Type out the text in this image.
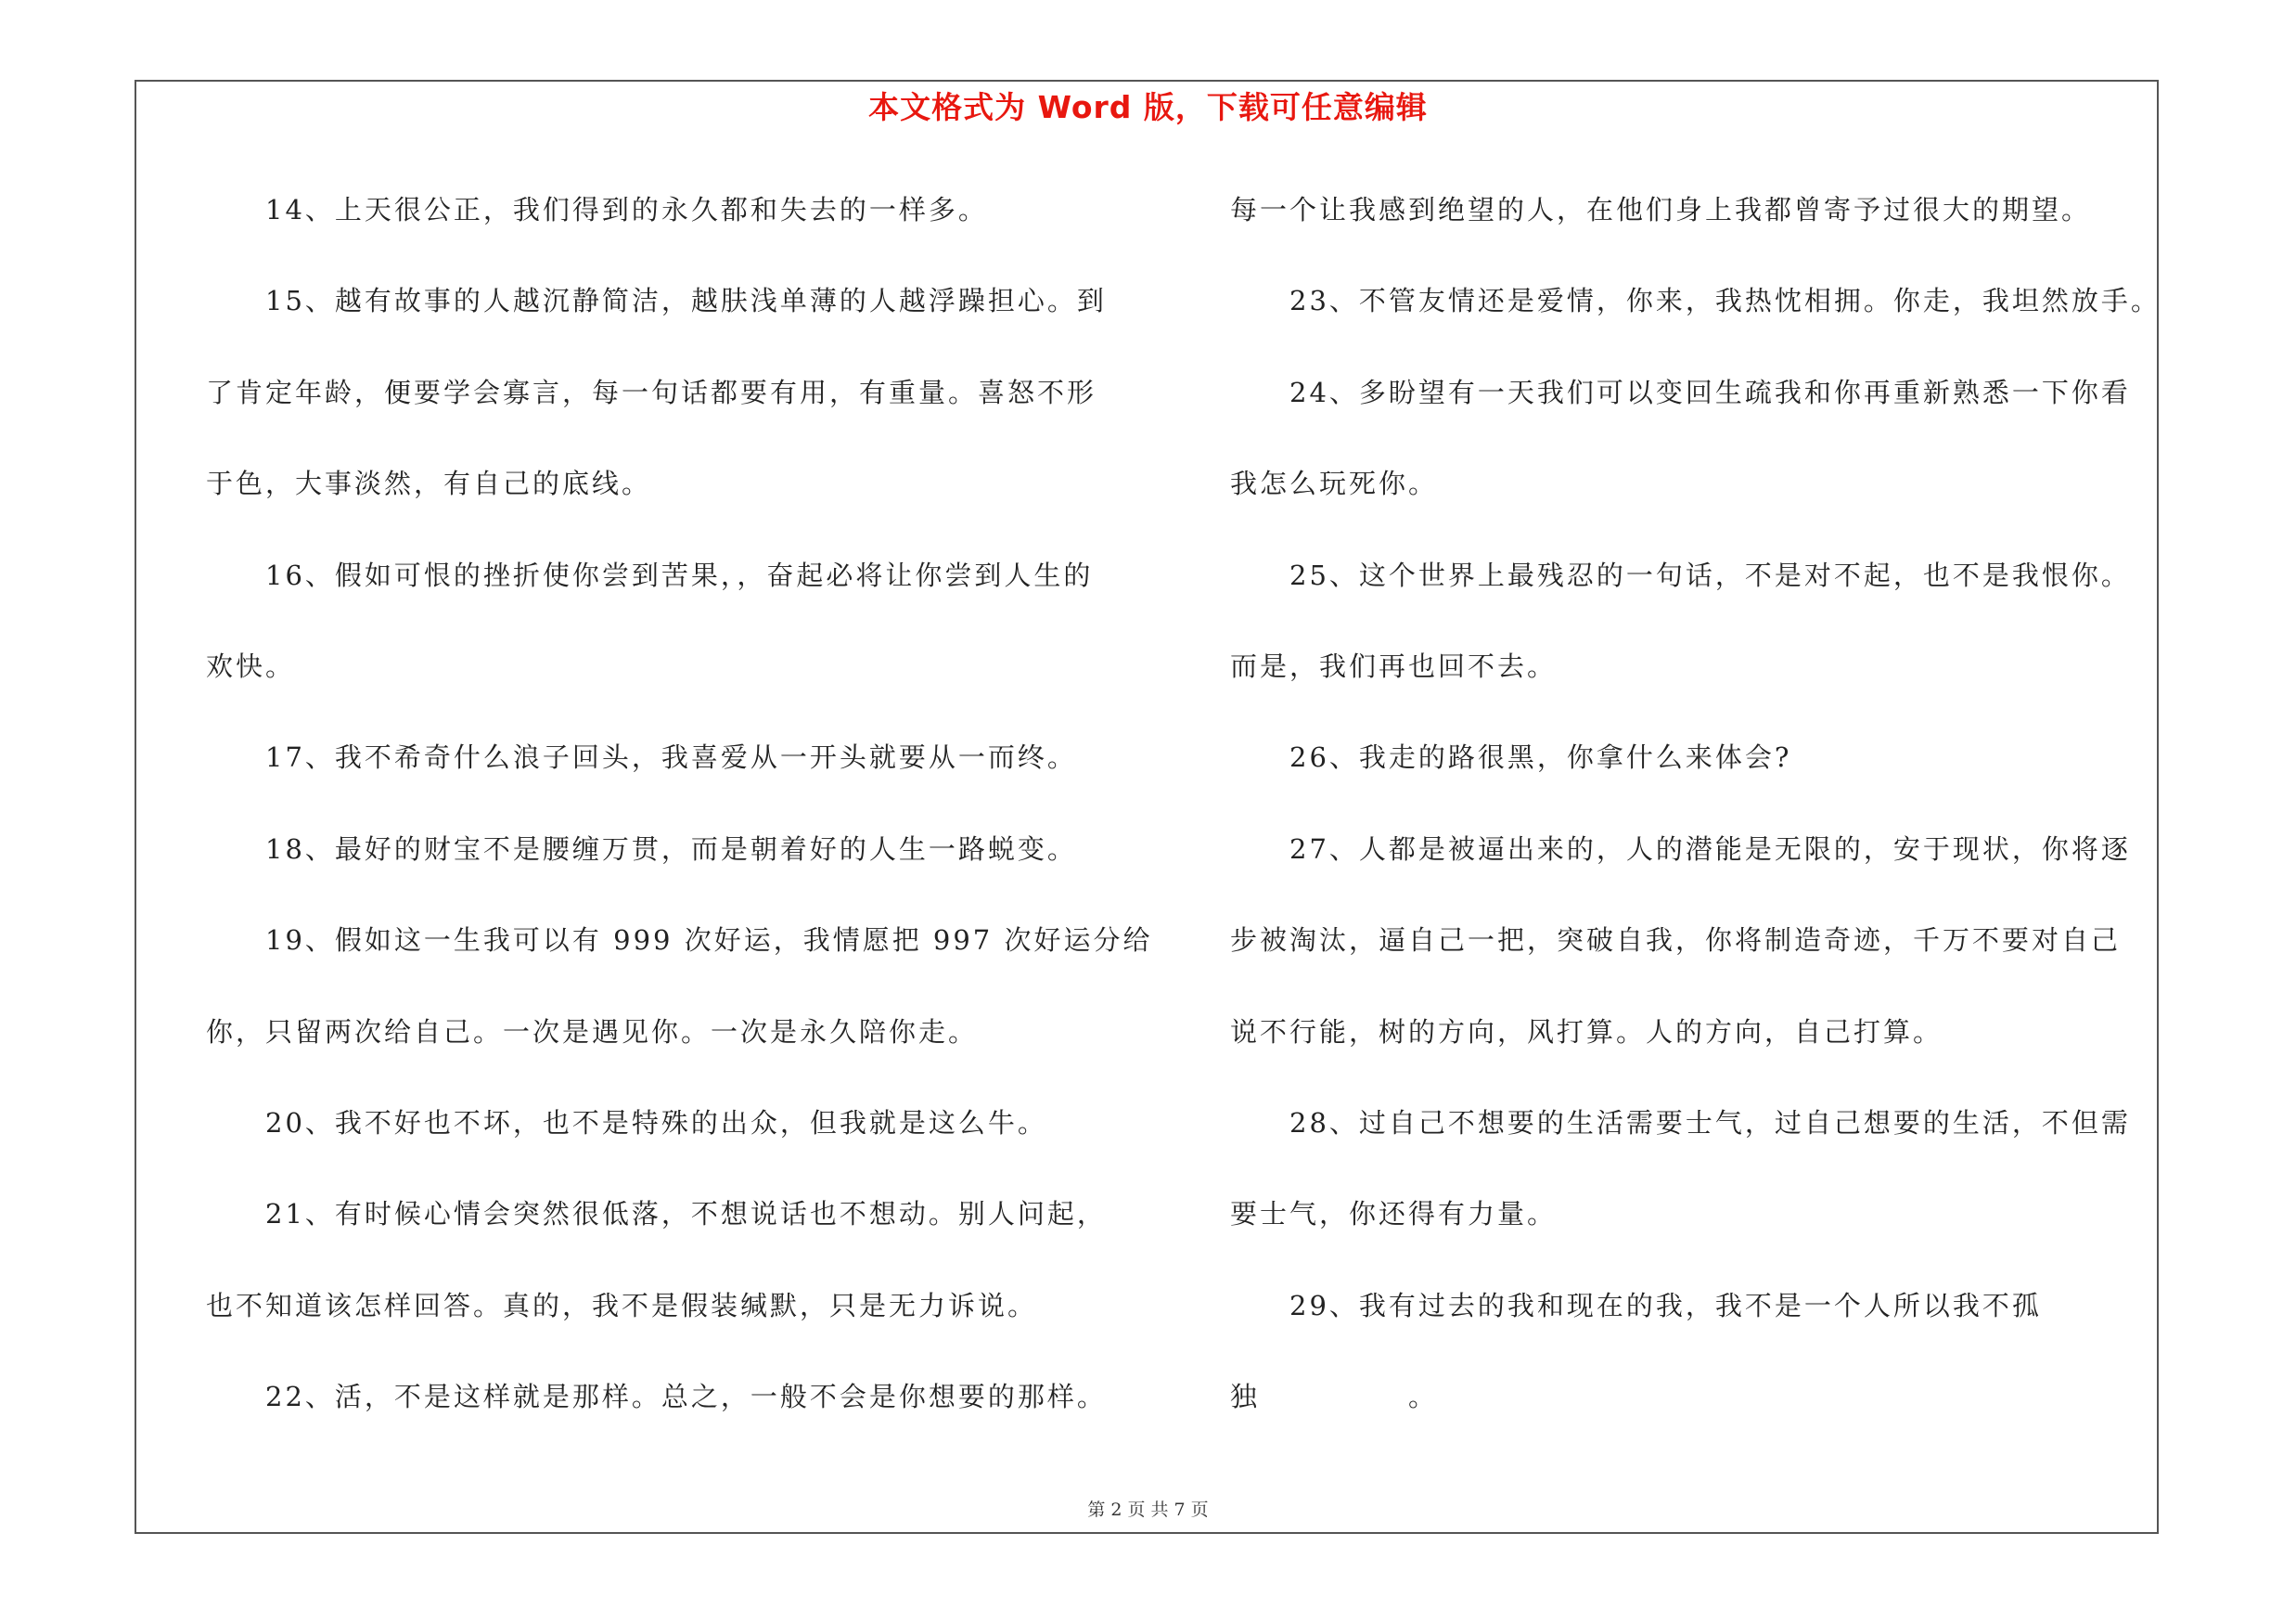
本文格式为 Word 版，下载可任意编辑
14、上天很公正，我们得到的永久都和失去的一样多。
15、越有故事的人越沉静简洁，越肤浅单薄的人越浮躁担心。到
了肯定年龄，便要学会寡言，每一句话都要有用，有重量。喜怒不形
于色，大事淡然，有自己的底线。
16、假如可恨的挫折使你尝到苦果，，奋起必将让你尝到人生的
欢快。
17、我不希奇什么浪子回头，我喜爱从一开头就要从一而终。
18、最好的财宝不是腰缠万贯，而是朝着好的人生一路蜕变。
19、假如这一生我可以有 999 次好运，我情愿把 997 次好运分给
你，只留两次给自己。一次是遇见你。一次是永久陪你走。
20、我不好也不坏，也不是特殊的出众，但我就是这么牛。
21、有时候心情会突然很低落，不想说话也不想动。别人问起，
也不知道该怎样回答。真的，我不是假装缄默，只是无力诉说。
22、活，不是这样就是那样。总之，一般不会是你想要的那样。
每一个让我感到绝望的人，在他们身上我都曾寄予过很大的期望。
23、不管友情还是爱情，你来，我热忱相拥。你走，我坦然放手。
24、多盼望有一天我们可以变回生疏我和你再重新熟悉一下你看
我怎么玩死你。
25、这个世界上最残忍的一句话，不是对不起，也不是我恨你。
而是，我们再也回不去。
26、我走的路很黑，你拿什么来体会?
27、人都是被逼出来的，人的潜能是无限的，安于现状，你将逐
步被淘汰，逼自己一把，突破自我，你将制造奇迹，千万不要对自己
说不行能，树的方向，风打算。人的方向，自己打算。
28、过自己不想要的生活需要士气，过自己想要的生活，不但需
要士气，你还得有力量。
29、我有过去的我和现在的我，我不是一个人所以我不孤
独　　　　　。
第 2 页 共 7 页
